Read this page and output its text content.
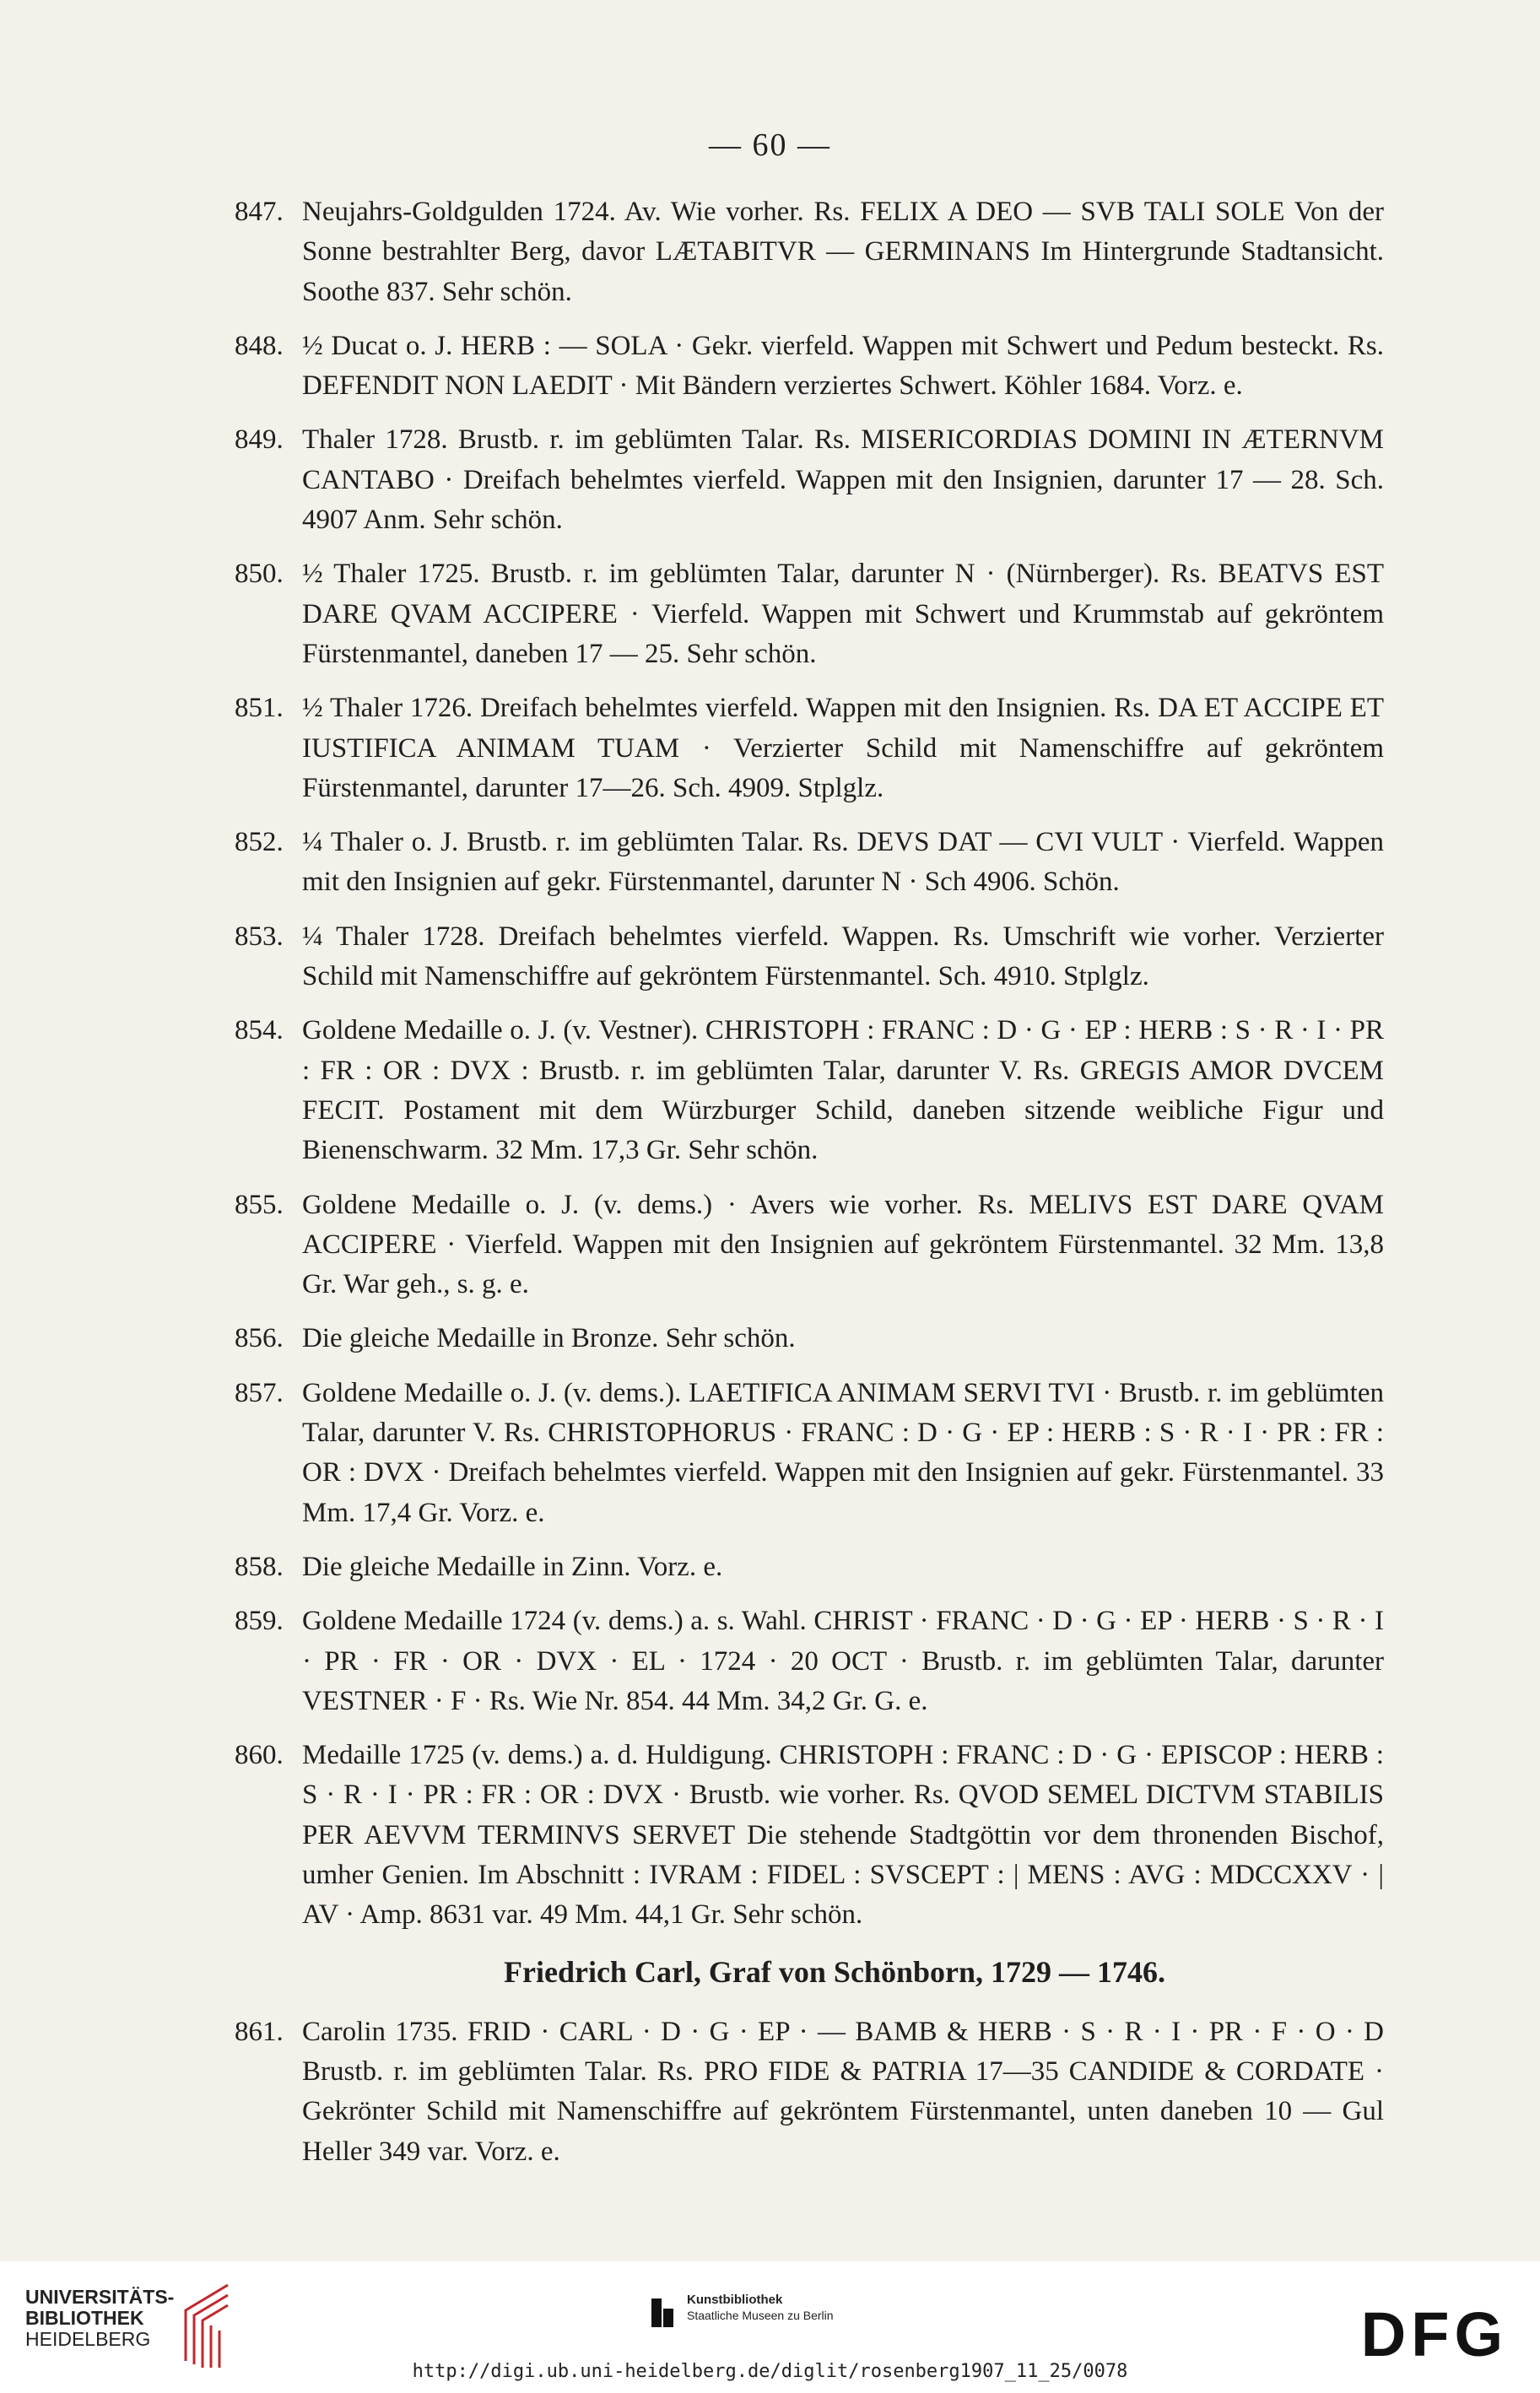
— 60 —
847. Neujahrs-Goldgulden 1724. Av. Wie vorher. Rs. FELIX A DEO — SVB TALI SOLE Von der Sonne bestrahlter Berg, davor LÆTABITVR — GERMINANS Im Hintergrunde Stadtansicht. Soothe 837. Sehr schön.
848. ½ Ducat o. J. HERB : — SOLA · Gekr. vierfeld. Wappen mit Schwert und Pedum besteckt. Rs. DEFENDIT NON LAEDIT · Mit Bändern verziertes Schwert. Köhler 1684. Vorz. e.
849. Thaler 1728. Brustb. r. im geblümten Talar. Rs. MISERICORDIAS DOMINI IN ÆTERNVM CANTABO · Dreifach behelmtes vierfeld. Wappen mit den Insignien, darunter 17 — 28. Sch. 4907 Anm. Sehr schön.
850. ½ Thaler 1725. Brustb. r. im geblümten Talar, darunter N · (Nürnberger). Rs. BEATVS EST DARE QVAM ACCIPERE · Vierfeld. Wappen mit Schwert und Krummstab auf gekröntem Fürstenmantel, daneben 17 — 25. Sehr schön.
851. ½ Thaler 1726. Dreifach behelmtes vierfeld. Wappen mit den Insignien. Rs. DA ET ACCIPE ET IUSTIFICA ANIMAM TUAM · Verzierter Schild mit Namenschiffre auf gekröntem Fürstenmantel, darunter 17—26. Sch. 4909. Stplglz.
852. ¼ Thaler o. J. Brustb. r. im geblümten Talar. Rs. DEVS DAT — CVI VULT · Vierfeld. Wappen mit den Insignien auf gekr. Fürstenmantel, darunter N · Sch 4906. Schön.
853. ¼ Thaler 1728. Dreifach behelmtes vierfeld. Wappen. Rs. Umschrift wie vorher. Verzierter Schild mit Namenschiffre auf gekröntem Fürstenmantel. Sch. 4910. Stplglz.
854. Goldene Medaille o. J. (v. Vestner). CHRISTOPH : FRANC : D · G · EP : HERB : S · R · I · PR : FR : OR : DVX : Brustb. r. im geblümten Talar, darunter V. Rs. GREGIS AMOR DVCEM FECIT. Postament mit dem Würzburger Schild, daneben sitzende weibliche Figur und Bienenschwarm. 32 Mm. 17,3 Gr. Sehr schön.
855. Goldene Medaille o. J. (v. dems.) · Avers wie vorher. Rs. MELIVS EST DARE QVAM ACCIPERE · Vierfeld. Wappen mit den Insignien auf gekröntem Fürstenmantel. 32 Mm. 13,8 Gr. War geh., s. g. e.
856. Die gleiche Medaille in Bronze. Sehr schön.
857. Goldene Medaille o. J. (v. dems.). LAETIFICA ANIMAM SERVI TVI · Brustb. r. im geblümten Talar, darunter V. Rs. CHRISTOPHORUS · FRANC : D · G · EP : HERB : S · R · I · PR : FR : OR : DVX · Dreifach behelmtes vierfeld. Wappen mit den Insignien auf gekr. Fürstenmantel. 33 Mm. 17,4 Gr. Vorz. e.
858. Die gleiche Medaille in Zinn. Vorz. e.
859. Goldene Medaille 1724 (v. dems.) a. s. Wahl. CHRIST · FRANC · D · G · EP · HERB · S · R · I · PR · FR · OR · DVX · EL · 1724 · 20 OCT · Brustb. r. im geblümten Talar, darunter VESTNER · F · Rs. Wie Nr. 854. 44 Mm. 34,2 Gr. G. e.
860. Medaille 1725 (v. dems.) a. d. Huldigung. CHRISTOPH : FRANC : D · G · EPISCOP : HERB : S · R · I · PR : FR : OR : DVX · Brustb. wie vorher. Rs. QVOD SEMEL DICTVM STABILIS PER AEVVM TERMINVS SERVET Die stehende Stadtgöttin vor dem thronenden Bischof, umher Genien. Im Abschnitt : IVRAM : FIDEL : SVSCEPT : | MENS : AVG : MDCCXXV · | AV · Amp. 8631 var. 49 Mm. 44,1 Gr. Sehr schön.
Friedrich Carl, Graf von Schönborn, 1729 — 1746.
861. Carolin 1735. FRID · CARL · D · G · EP · — BAMB & HERB · S · R · I · PR · F · O · D Brustb. r. im geblümten Talar. Rs. PRO FIDE & PATRIA 17—35 CANDIDE & CORDATE · Gekrönter Schild mit Namenschiffre auf gekröntem Fürstenmantel, unten daneben 10 — Gul Heller 349 var. Vorz. e.
UNIVERSITÄTS-
BIBLIOTHEK
HEIDELBERG
Kunstbibliothek
Staatliche Museen zu Berlin	DFG
http://digi.ub.uni-heidelberg.de/diglit/rosenberg1907_11_25/0078
